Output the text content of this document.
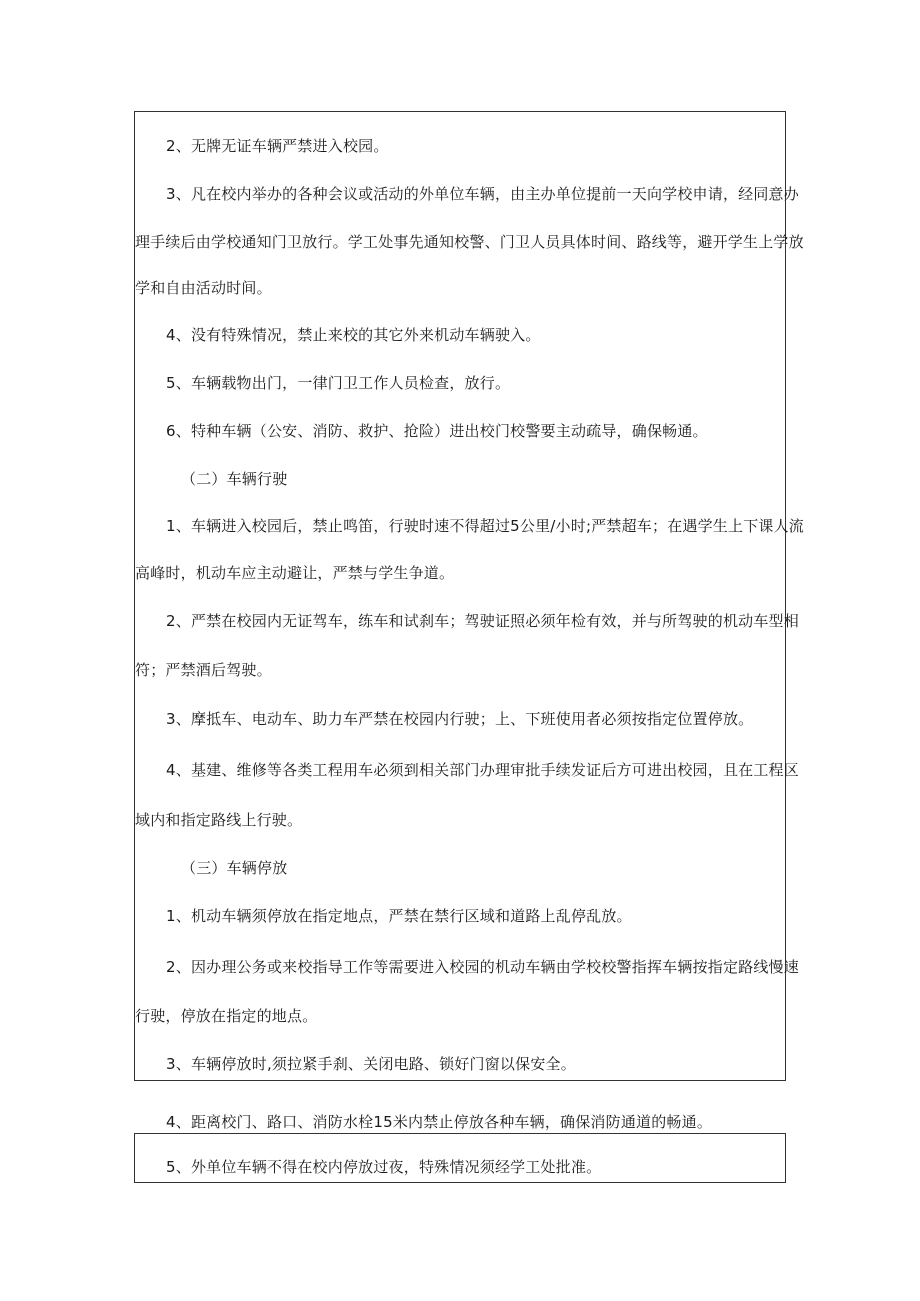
2、无牌无证车辆严禁进入校园。
3、凡在校内举办的各种会议或活动的外单位车辆，由主办单位提前一天向学校申请，经同意办
理手续后由学校通知门卫放行。学工处事先通知校警、门卫人员具体时间、路线等，避开学生上学放
学和自由活动时间。
4、没有特殊情况，禁止来校的其它外来机动车辆驶入。
5、车辆载物出门，一律门卫工作人员检查，放行。
6、特种车辆（公安、消防、救护、抢险）进出校门校警要主动疏导，确保畅通。
（二）车辆行驶
1、车辆进入校园后，禁止鸣笛，行驶时速不得超过5公里/小时;严禁超车；在遇学生上下课人流
高峰时，机动车应主动避让，严禁与学生争道。
2、严禁在校园内无证驾车，练车和试刹车；驾驶证照必须年检有效，并与所驾驶的机动车型相
符；严禁酒后驾驶。
3、摩抵车、电动车、助力车严禁在校园内行驶；上、下班使用者必须按指定位置停放。
4、基建、维修等各类工程用车必须到相关部门办理审批手续发证后方可进出校园，且在工程区
域内和指定路线上行驶。
（三）车辆停放
1、机动车辆须停放在指定地点，严禁在禁行区域和道路上乱停乱放。
2、因办理公务或来校指导工作等需要进入校园的机动车辆由学校校警指挥车辆按指定路线慢速
行驶，停放在指定的地点。
3、车辆停放时,须拉紧手刹、关闭电路、锁好门窗以保安全。
4、距离校门、路口、消防水栓15米内禁止停放各种车辆，确保消防通道的畅通。
5、外单位车辆不得在校内停放过夜，特殊情况须经学工处批准。
